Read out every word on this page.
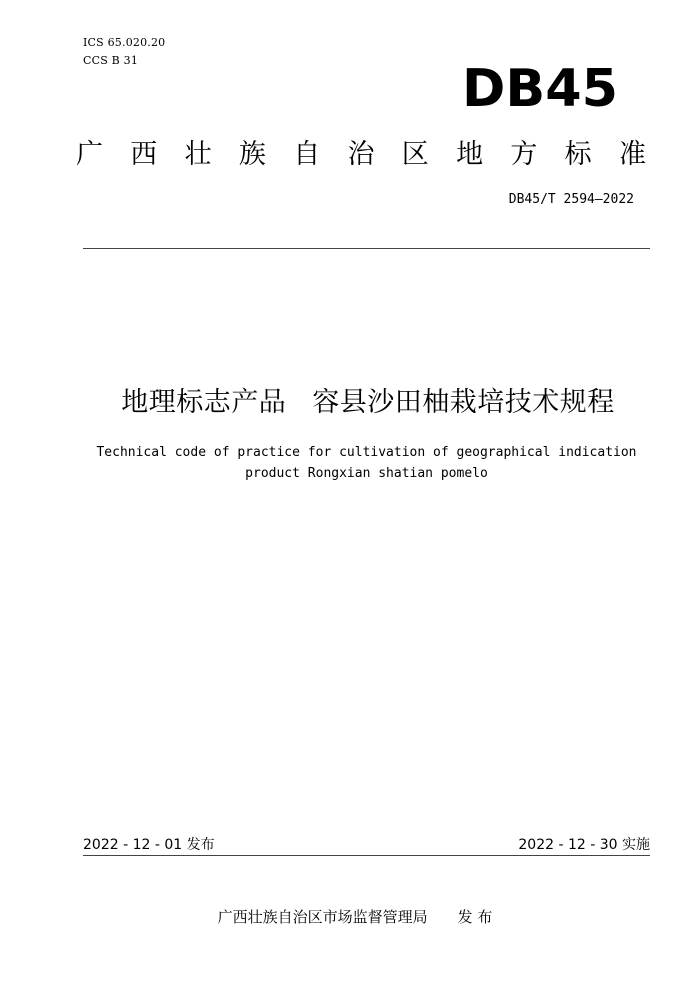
ICS 65.020.20
CCS B 31	DB45
广 西 壮 族 自 治 区 地 方 标 准
DB45/T 2594—2022
地理标志产品 容县沙田柚栽培技术规程
Technical code of practice for cultivation of geographical indication
product Rongxian shatian pomelo
2022 - 12 - 01 发布	2022 - 12 - 30 实施
广西壮族自治区市场监督管理局 发 布
